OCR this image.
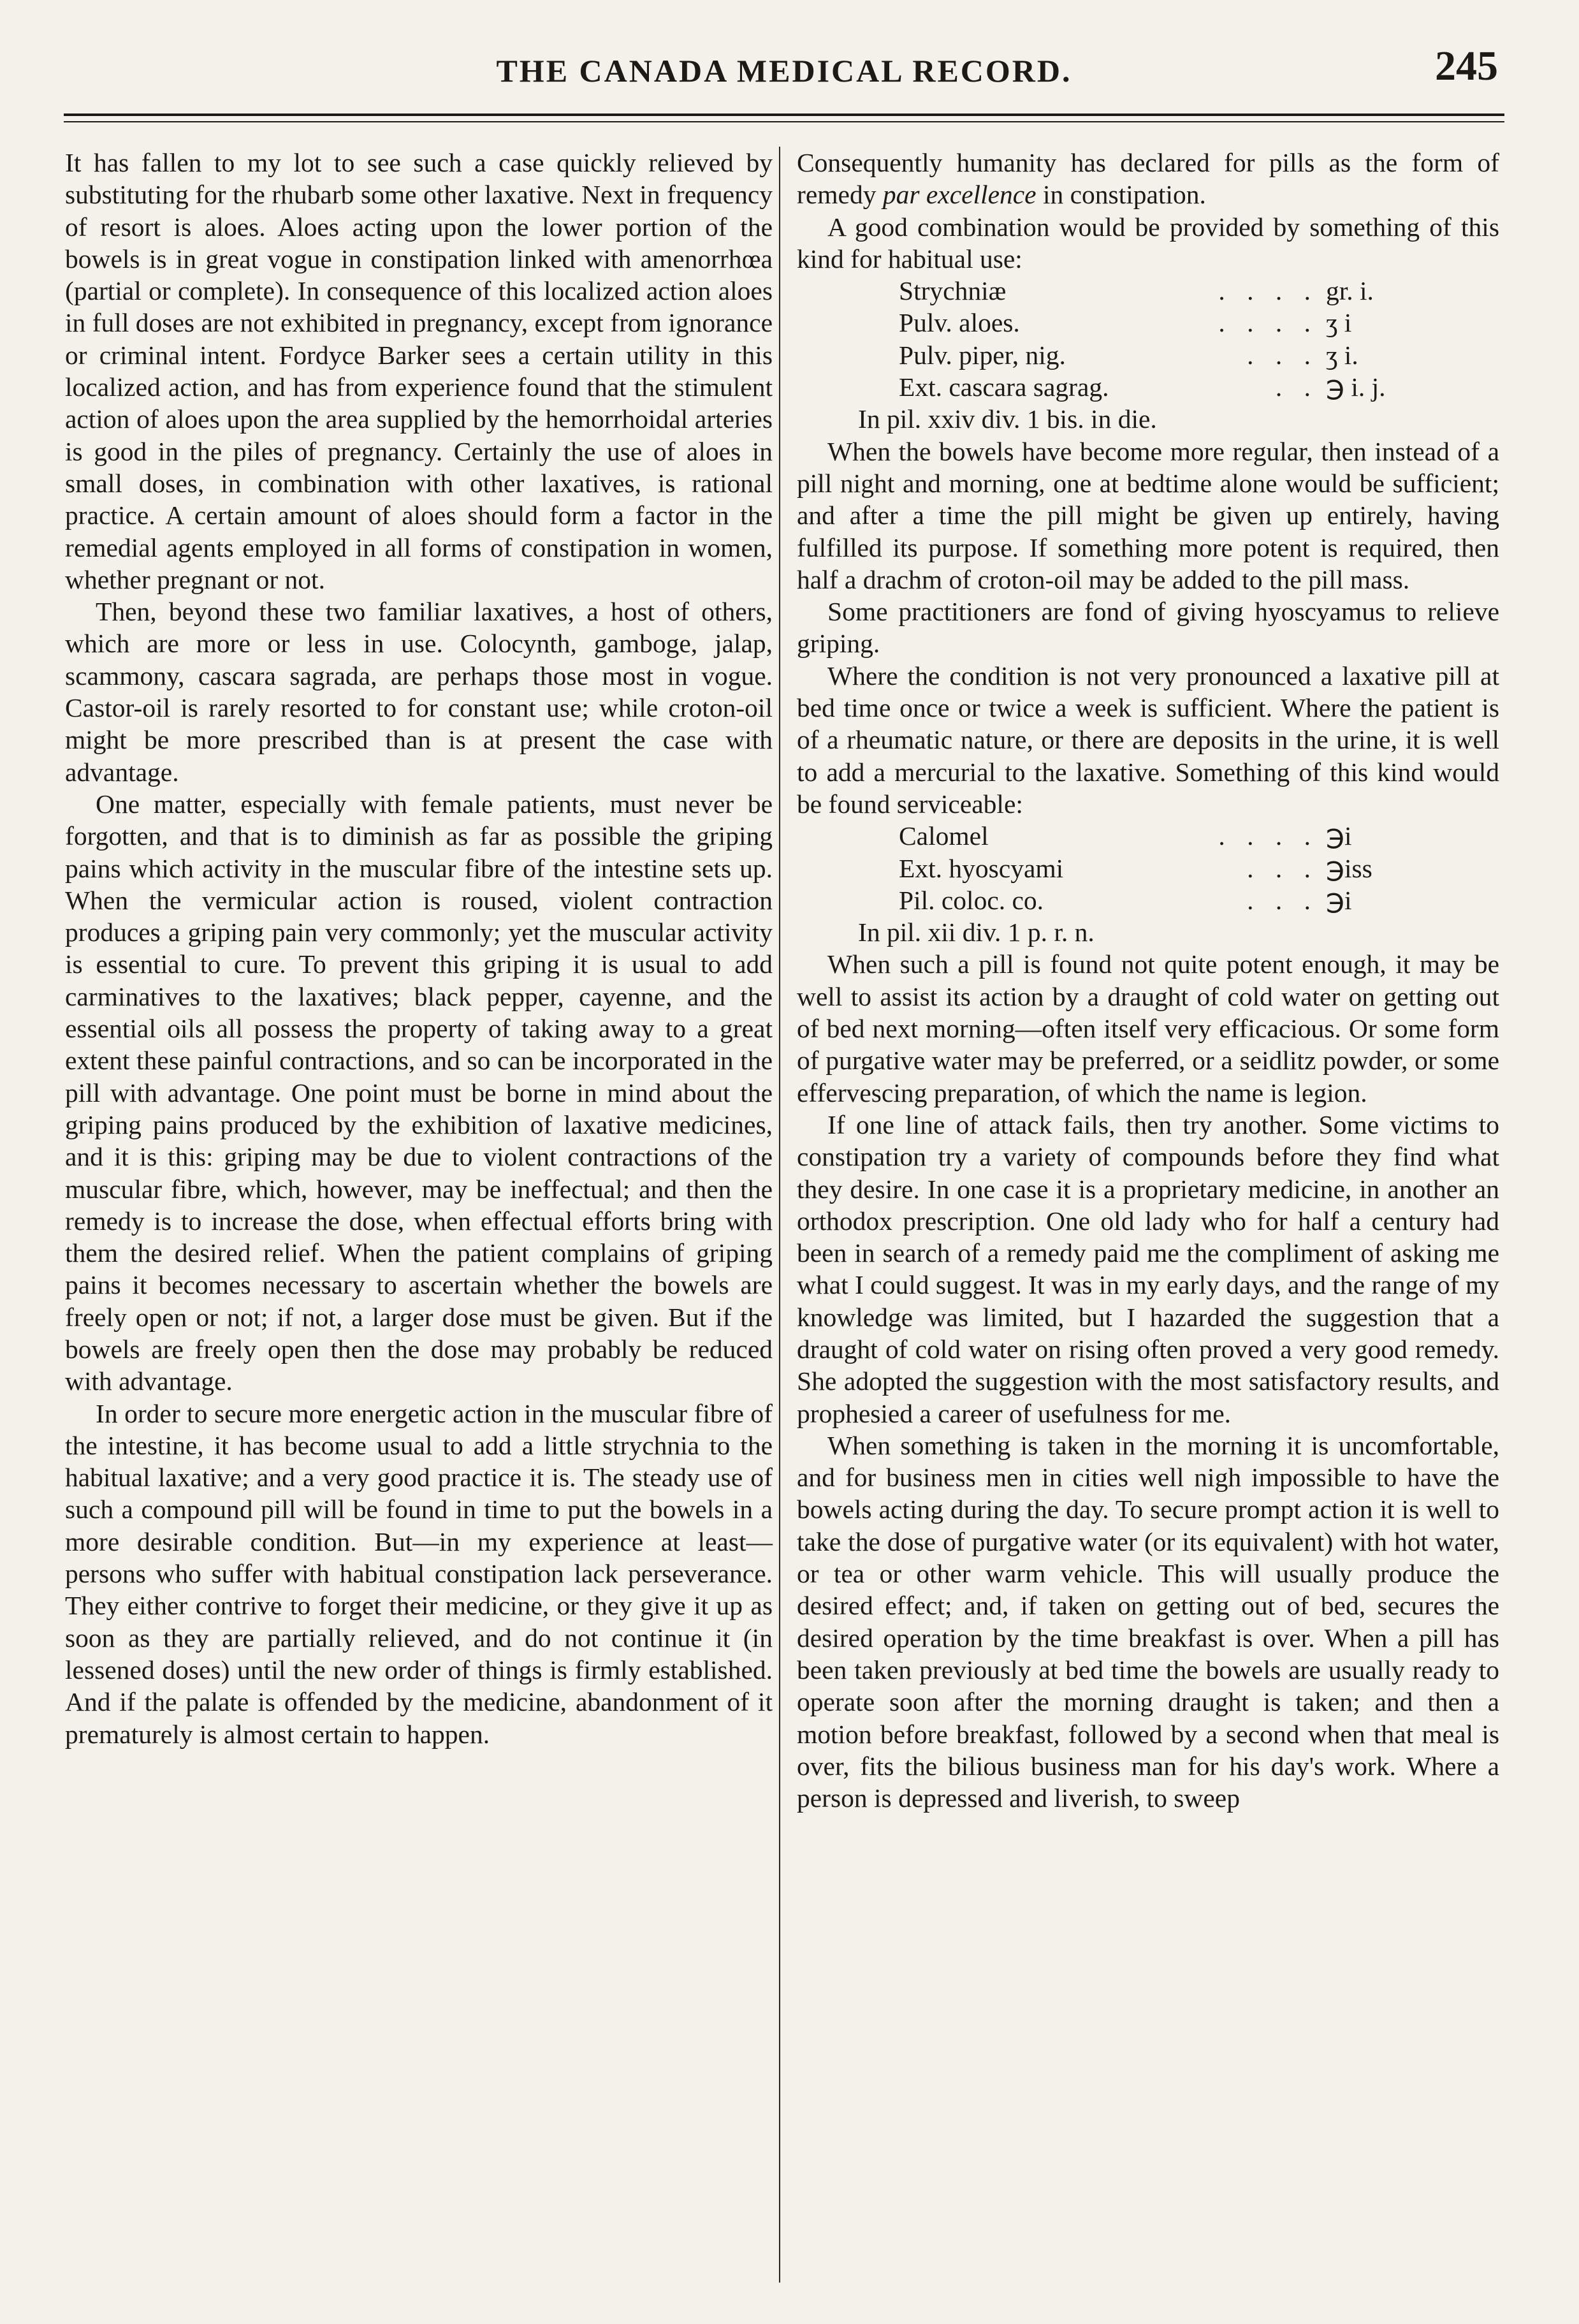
THE CANADA MEDICAL RECORD.	245

It has fallen to my lot to see such a case quickly relieved by substituting for the rhubarb some other laxative. Next in frequency of resort is aloes. Aloes acting upon the lower portion of the bowels is in great vogue in constipation linked with amenorrhœa (partial or complete). In consequence of this localized action aloes in full doses are not exhibited in pregnancy, except from ignorance or criminal intent. Fordyce Barker sees a certain utility in this localized action, and has from experience found that the stimulent action of aloes upon the area supplied by the hemorrhoidal arteries is good in the piles of pregnancy. Certainly the use of aloes in small doses, in combination with other laxatives, is rational practice. A certain amount of aloes should form a factor in the remedial agents employed in all forms of constipation in women, whether pregnant or not.

Then, beyond these two familiar laxatives, a host of others, which are more or less in use. Colocynth, gamboge, jalap, scammony, cascara sagrada, are perhaps those most in vogue. Castor-oil is rarely resorted to for constant use; while croton-oil might be more prescribed than is at present the case with advantage.

One matter, especially with female patients, must never be forgotten, and that is to diminish as far as possible the griping pains which activity in the muscular fibre of the intestine sets up. When the vermicular action is roused, violent contraction produces a griping pain very commonly; yet the muscular activity is essential to cure. To prevent this griping it is usual to add carminatives to the laxatives; black pepper, cayenne, and the essential oils all possess the property of taking away to a great extent these painful contractions, and so can be incorporated in the pill with advantage. One point must be borne in mind about the griping pains produced by the exhibition of laxative medicines, and it is this: griping may be due to violent contractions of the muscular fibre, which, however, may be ineffectual; and then the remedy is to increase the dose, when effectual efforts bring with them the desired relief. When the patient complains of griping pains it becomes necessary to ascertain whether the bowels are freely open or not; if not, a larger dose must be given. But if the bowels are freely open then the dose may probably be reduced with advantage.

In order to secure more energetic action in the muscular fibre of the intestine, it has become usual to add a little strychnia to the habitual laxative; and a very good practice it is. The steady use of such a compound pill will be found in time to put the bowels in a more desirable condition. But—in my experience at least—persons who suffer with habitual constipation lack perseverance. They either contrive to forget their medicine, or they give it up as soon as they are partially relieved, and do not continue it (in lessened doses) until the new order of things is firmly established. And if the palate is offended by the medicine, abandonment of it prematurely is almost certain to happen.

Consequently humanity has declared for pills as the form of remedy par excellence in constipation.

A good combination would be provided by something of this kind for habitual use:

Strychniæ	. . . . gr. i.
Pulv. aloes.	. . . . ʒ i
Pulv. piper, nig.	. . . ʒ i.
Ext. cascara sagrag.	. . ℈ i. j.

In pil. xxiv div. 1 bis. in die.

When the bowels have become more regular, then instead of a pill night and morning, one at bedtime alone would be sufficient; and after a time the pill might be given up entirely, having fulfilled its purpose. If something more potent is required, then half a drachm of croton-oil may be added to the pill mass.

Some practitioners are fond of giving hyoscyamus to relieve griping.

Where the condition is not very pronounced a laxative pill at bed time once or twice a week is sufficient. Where the patient is of a rheumatic nature, or there are deposits in the urine, it is well to add a mercurial to the laxative. Something of this kind would be found serviceable:

Calomel	. . . . ℈i
Ext. hyoscyami	. . . ℈iss
Pil. coloc. co.	. . . ℈i

In pil. xii div. 1 p. r. n.

When such a pill is found not quite potent enough, it may be well to assist its action by a draught of cold water on getting out of bed next morning—often itself very efficacious. Or some form of purgative water may be preferred, or a seidlitz powder, or some effervescing preparation, of which the name is legion.

If one line of attack fails, then try another. Some victims to constipation try a variety of compounds before they find what they desire. In one case it is a proprietary medicine, in another an orthodox prescription. One old lady who for half a century had been in search of a remedy paid me the compliment of asking me what I could suggest. It was in my early days, and the range of my knowledge was limited, but I hazarded the suggestion that a draught of cold water on rising often proved a very good remedy. She adopted the suggestion with the most satisfactory results, and prophesied a career of usefulness for me.

When something is taken in the morning it is uncomfortable, and for business men in cities well nigh impossible to have the bowels acting during the day. To secure prompt action it is well to take the dose of purgative water (or its equivalent) with hot water, or tea or other warm vehicle. This will usually produce the desired effect; and, if taken on getting out of bed, secures the desired operation by the time breakfast is over. When a pill has been taken previously at bed time the bowels are usually ready to operate soon after the morning draught is taken; and then a motion before breakfast, followed by a second when that meal is over, fits the bilious business man for his day's work. Where a person is depressed and liverish, to sweep
